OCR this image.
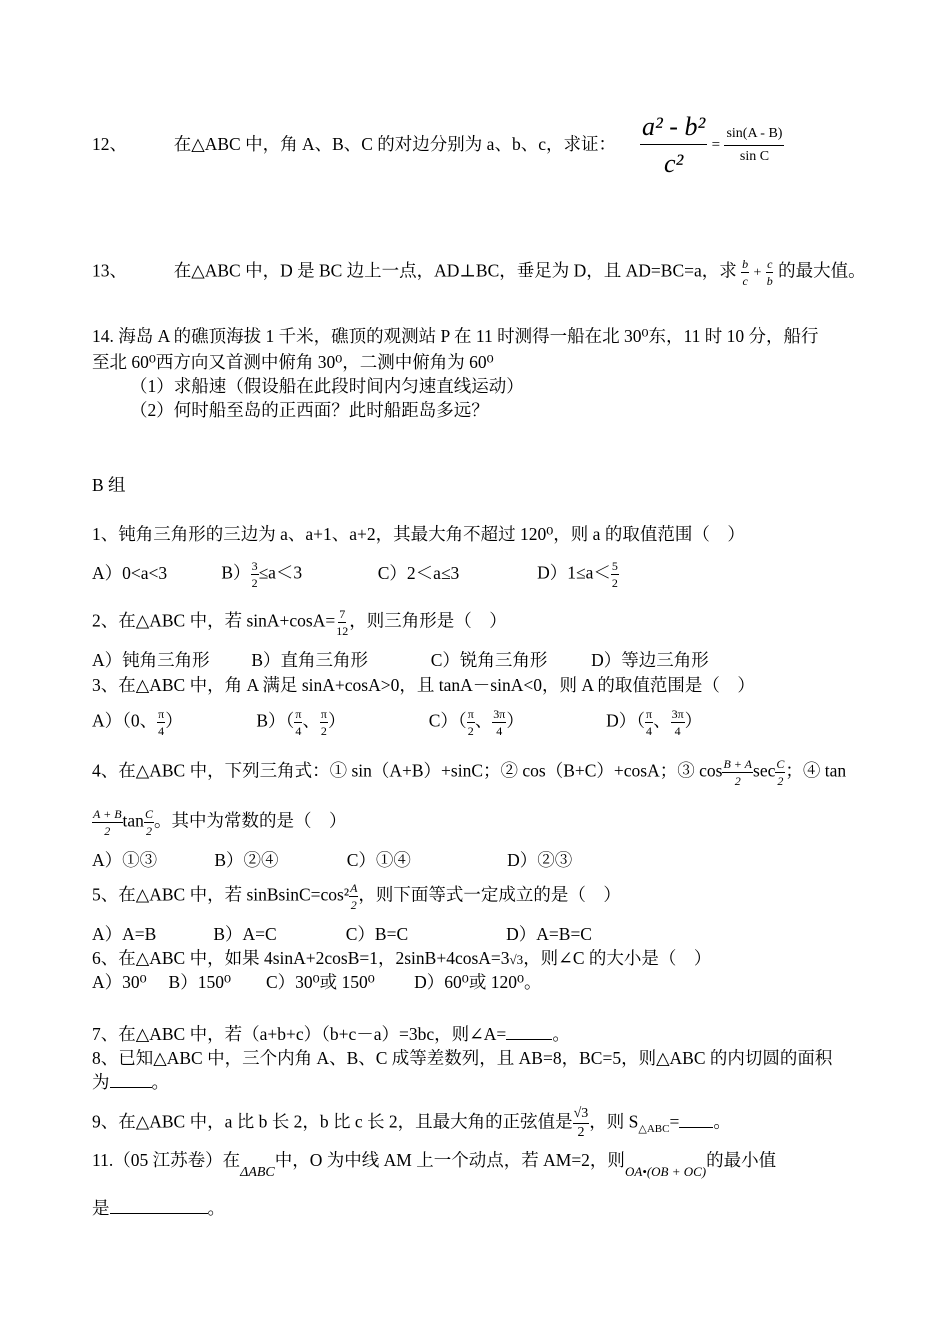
12、	在△ABC 中，角 A、B、C 的对边分别为 a、b、c，求证： $\frac{\text{a² - b²}}{\text{c²}} = \frac{\sin(A - B)}{\text{sin C}}$
13、	在△ABC 中，D 是 BC 边上一点，AD⊥BC，垂足为 D，且 AD=BC=a，求 $\frac{b}{c} + \frac{c}{b}$ 的最大值。
14. 海岛 A 的礁顶海拔 1 千米，礁顶的观测站 P 在 11 时测得一船在北 30⁰东，11 时 10 分，船行
至北 60⁰西方向又首测中俯角 30⁰，二测中俯角为 60⁰
（1）求船速（假设船在此段时间内匀速直线运动）
（2）何时船至岛的正西面？此时船距岛多远？
B 组
1、钝角三角形的三边为 a、a+1、a+2，其最大角不超过 120⁰，则 a 的取值范围（　）
A）0<a<3	$B) \frac{3}{2} \le a<3$	C）2＜a≤3	$D)1\le a< \frac{5}{2}$
2、在△ABC 中，若 $\sin A+\cos A= \frac{7}{12}$ ，则三角形是（　）
A）钝角三角形 B）直角三角形	C）锐角三角形 D）等边三角形
3、在△ABC 中，角 A 满足 sinA+cosA>0，且 tanA－sinA<0，则 A 的取值范围是（　）
A）（0、 $\frac{\pi}{4}$ ）	$B)( \frac{\pi}{4}$ 、 $\frac{\pi}{2}$ ）	$C)( \frac{\pi}{2}$ 、 $\frac{3\pi}{4}$ ）	$D)( \frac{\pi}{4}$ 、 $\frac{3\pi}{4}$ ）
4、在△ABC 中，下列三角式：① sin（A+B）+sinC；② cos（B+C）+cosA；③ $\cos \frac{B + A}{2}$ $\sec \frac{C}{2}$ ；④ tan
$\frac{A + B}{2}$ $\tan \frac{C}{2}$ 。其中为常数的是（　）
A）①③	B）②④	C）①④	D）②③
5、在△ABC 中，若 sinBsinC=cos² $\frac{A}{2}$ ，则下面等式一定成立的是（　）
A）A=B	B）A=C	C）B=C	D）A=B=C
6、在△ABC 中，如果 4sinA+2cosB=1，2sinB+4cosA=3√3，则∠C 的大小是（　）
A）30⁰　 B）150⁰　　C）30⁰或 150⁰　　 D）60⁰或 120⁰。
7、在△ABC 中，若（a+b+c）（b+c－a）=3bc，则∠A=	。
8、已知△ABC 中，三个内角 A、B、C 成等差数列，且 AB=8，BC=5，则△ABC 的内切圆的面积
为 。
9、在△ABC 中，a 比 b 长 2，b 比 c 长 2，且最大角的正弦值是 $\frac{√3}{2}$ ，则 $S_{\triangle ABC}=$ 。
11.（05 江苏卷）在$_{\Delta ABC}$中，O 为中线 AM 上一个动点，若 AM=2，则$_{OA•(OB + OC)}$的最小值
是	。
